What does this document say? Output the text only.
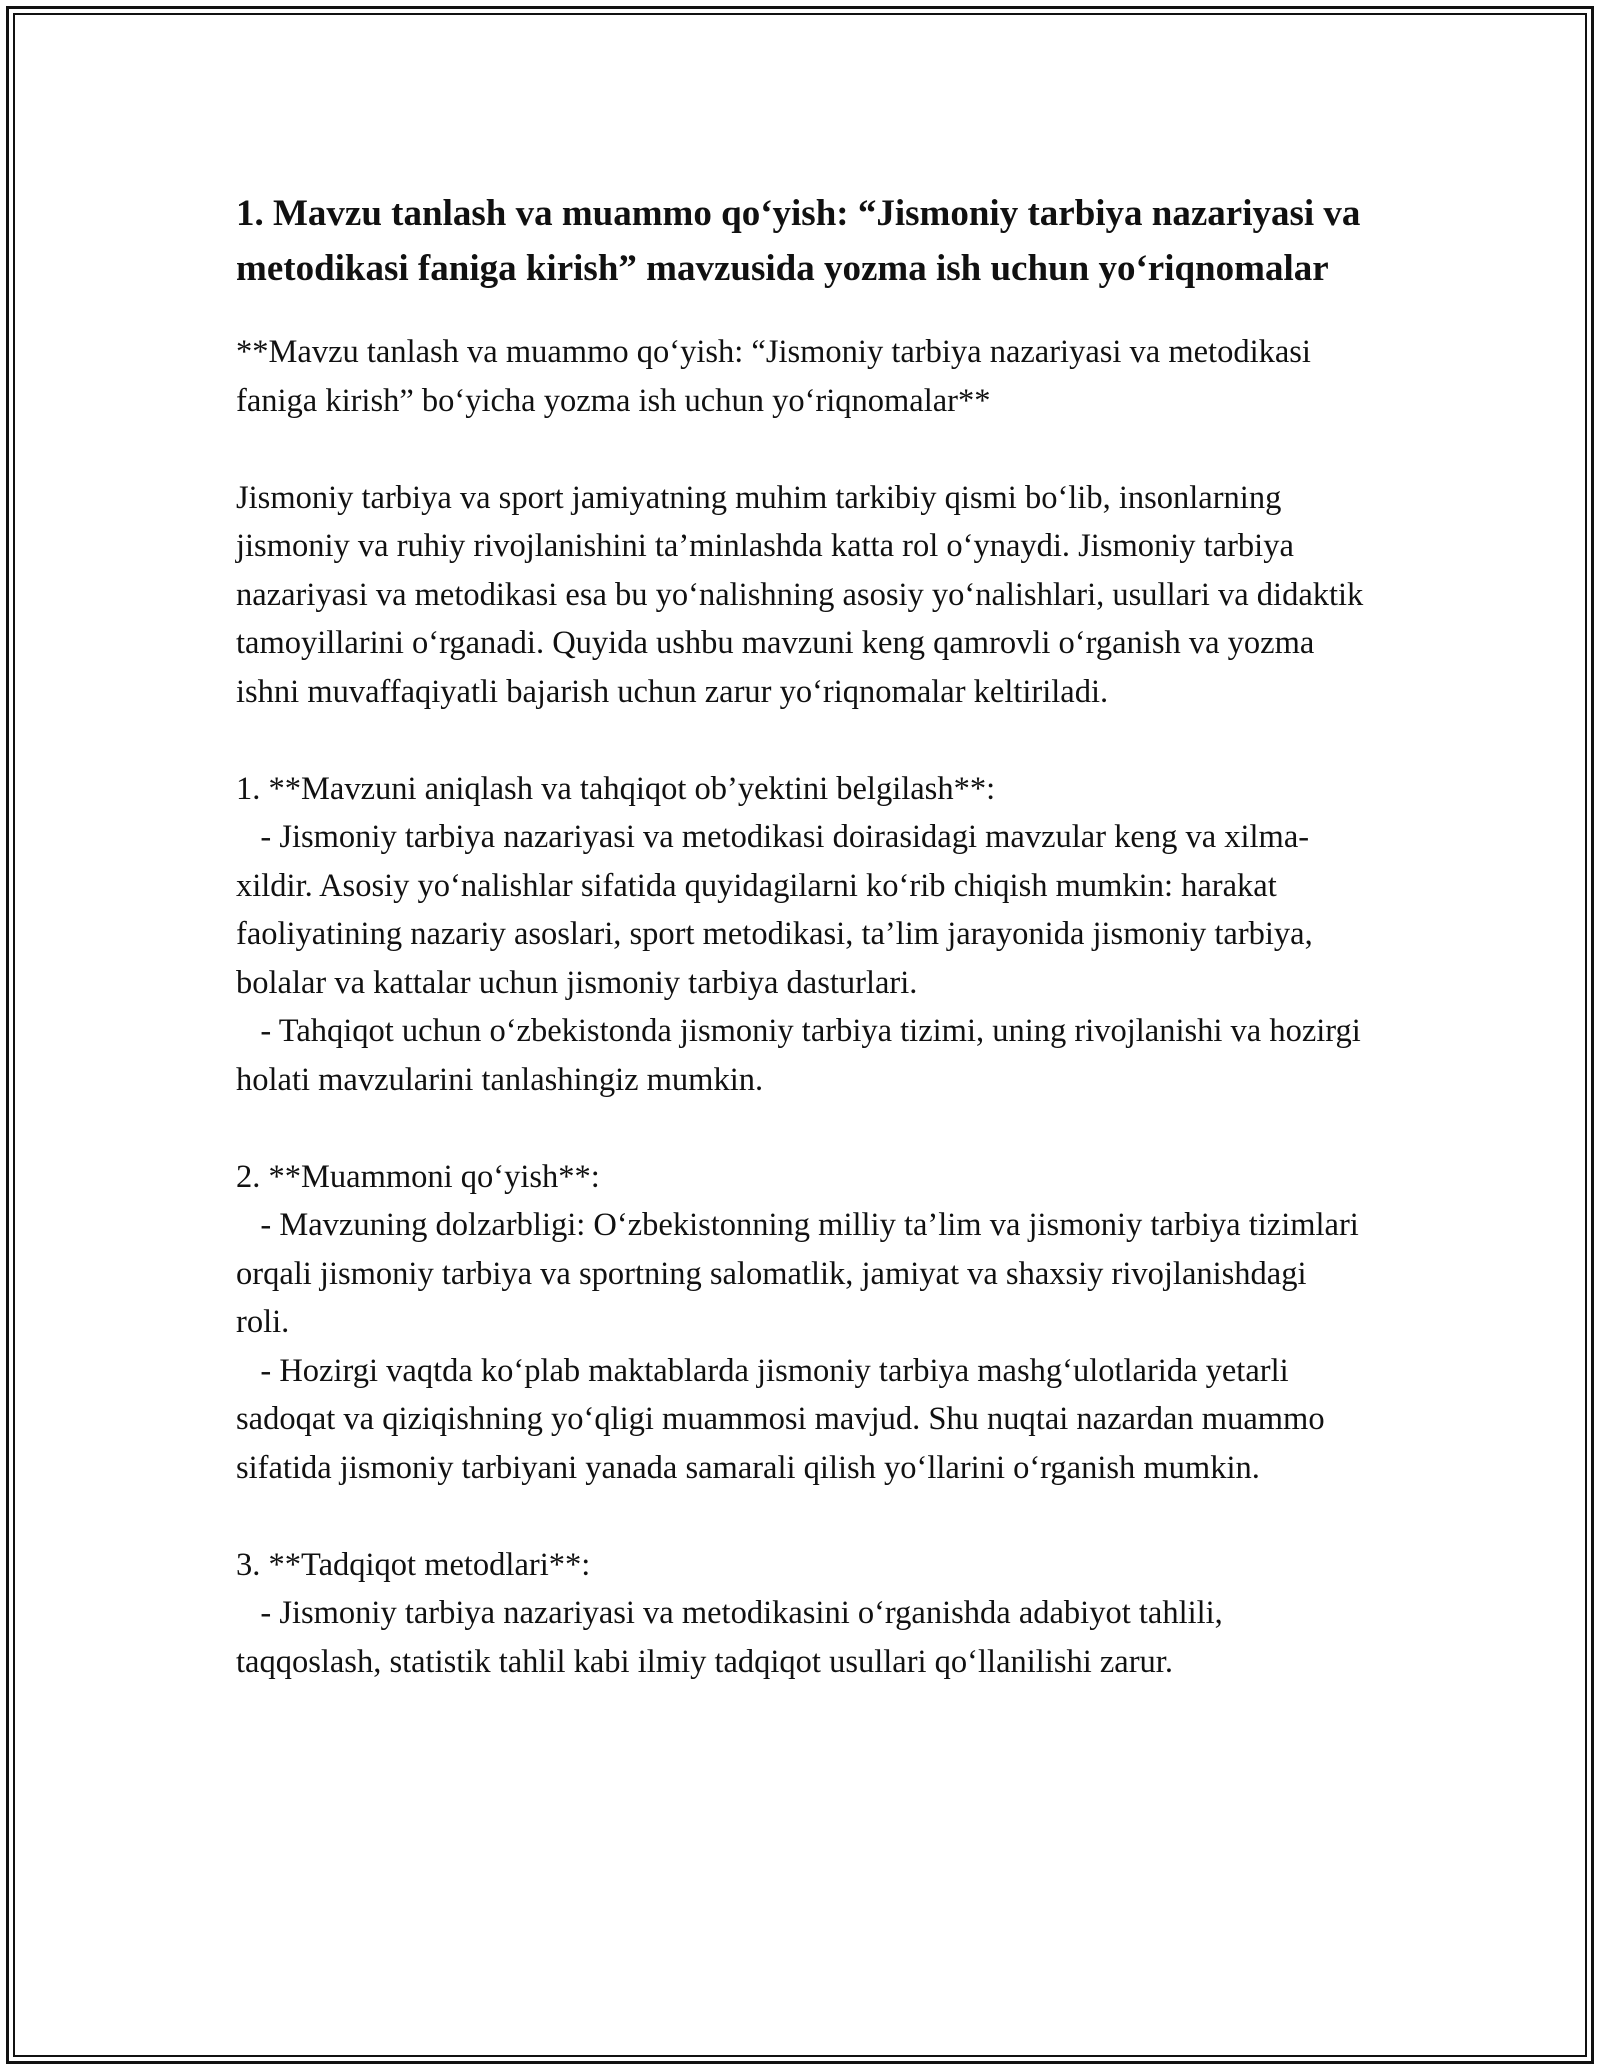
1. Mavzu tanlash va muammo qo‘yish: “Jismoniy tarbiya nazariyasi va metodikasi faniga kirish” mavzusida yozma ish uchun yo‘riqnomalar
**Mavzu tanlash va muammo qo‘yish: “Jismoniy tarbiya nazariyasi va metodikasi faniga kirish” bo‘yicha yozma ish uchun yo‘riqnomalar**

Jismoniy tarbiya va sport jamiyatning muhim tarkibiy qismi bo‘lib, insonlarning jismoniy va ruhiy rivojlanishini ta’minlashda katta rol o‘ynaydi. Jismoniy tarbiya nazariyasi va metodikasi esa bu yo‘nalishning asosiy yo‘nalishlari, usullari va didaktik tamoyillarini o‘rganadi. Quyida ushbu mavzuni keng qamrovli o‘rganish va yozma ishni muvaffaqiyatli bajarish uchun zarur yo‘riqnomalar keltiriladi.

1. **Mavzuni aniqlash va tahqiqot ob’yektini belgilash**:
- Jismoniy tarbiya nazariyasi va metodikasi doirasidagi mavzular keng va xilma-xildir. Asosiy yo‘nalishlar sifatida quyidagilarni ko‘rib chiqish mumkin: harakat faoliyatining nazariy asoslari, sport metodikasi, ta’lim jarayonida jismoniy tarbiya, bolalar va kattalar uchun jismoniy tarbiya dasturlari.
- Tahqiqot uchun o‘zbekistonda jismoniy tarbiya tizimi, uning rivojlanishi va hozirgi holati mavzularini tanlashingiz mumkin.

2. **Muammoni qo‘yish**:
- Mavzuning dolzarbligi: O‘zbekistonning milliy ta’lim va jismoniy tarbiya tizimlari orqali jismoniy tarbiya va sportning salomatlik, jamiyat va shaxsiy rivojlanishdagi roli.
- Hozirgi vaqtda ko‘plab maktablarda jismoniy tarbiya mashg‘ulotlarida yetarli sadoqat va qiziqishning yo‘qligi muammosi mavjud. Shu nuqtai nazardan muammo sifatida jismoniy tarbiyani yanada samarali qilish yo‘llarini o‘rganish mumkin.

3. **Tadqiqot metodlari**:
- Jismoniy tarbiya nazariyasi va metodikasini o‘rganishda adabiyot tahlili, taqqoslash, statistik tahlil kabi ilmiy tadqiqot usullari qo‘llanilishi zarur.
